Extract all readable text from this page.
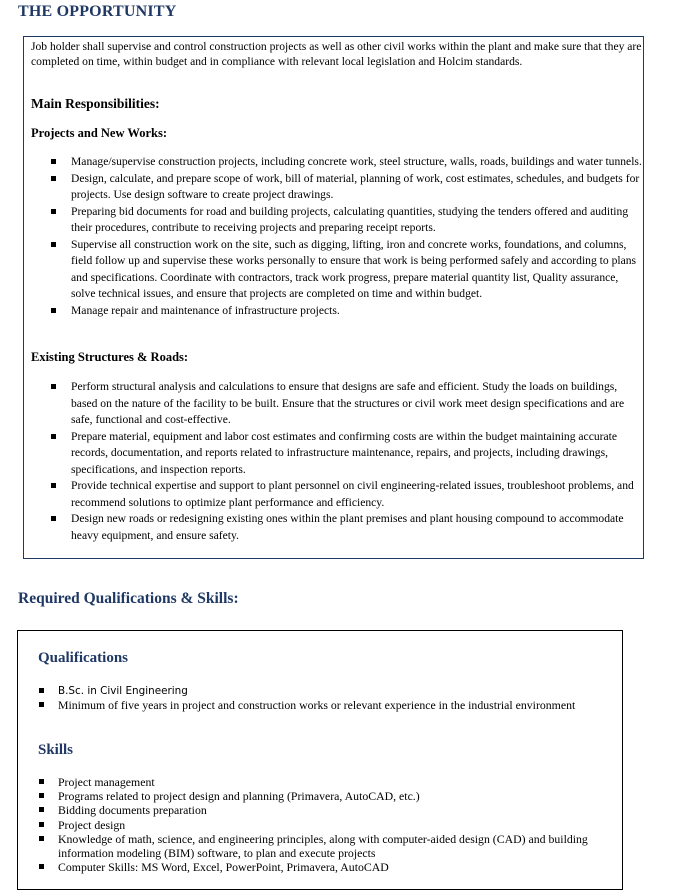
THE OPPORTUNITY

Job holder shall supervise and control construction projects as well as other civil works within the plant and make sure that they are completed on time, within budget and in compliance with relevant local legislation and Holcim standards.

Main Responsibilities:
Projects and New Works:
Manage/supervise construction projects, including concrete work, steel structure, walls, roads, buildings and water tunnels.
Design, calculate, and prepare scope of work, bill of material, planning of work, cost estimates, schedules, and budgets for projects. Use design software to create project drawings.
Preparing bid documents for road and building projects, calculating quantities, studying the tenders offered and auditing their procedures, contribute to receiving projects and preparing receipt reports.
Supervise all construction work on the site, such as digging, lifting, iron and concrete works, foundations, and columns, field follow up and supervise these works personally to ensure that work is being performed safely and according to plans and specifications. Coordinate with contractors, track work progress, prepare material quantity list, Quality assurance, solve technical issues, and ensure that projects are completed on time and within budget.
Manage repair and maintenance of infrastructure projects.
Existing Structures & Roads:
Perform structural analysis and calculations to ensure that designs are safe and efficient. Study the loads on buildings, based on the nature of the facility to be built. Ensure that the structures or civil work meet design specifications and are safe, functional and cost-effective.
Prepare material, equipment and labor cost estimates and confirming costs are within the budget maintaining accurate records, documentation, and reports related to infrastructure maintenance, repairs, and projects, including drawings, specifications, and inspection reports.
Provide technical expertise and support to plant personnel on civil engineering-related issues, troubleshoot problems, and recommend solutions to optimize plant performance and efficiency.
Design new roads or redesigning existing ones within the plant premises and plant housing compound to accommodate heavy equipment, and ensure safety.
Required Qualifications & Skills:
Qualifications
B.Sc. in Civil Engineering
Minimum of five years in project and construction works or relevant experience in the industrial environment
Skills
Project management
Programs related to project design and planning (Primavera, AutoCAD, etc.)
Bidding documents preparation
Project design
Knowledge of math, science, and engineering principles, along with computer-aided design (CAD) and building information modeling (BIM) software, to plan and execute projects
Computer Skills: MS Word, Excel, PowerPoint, Primavera, AutoCAD
